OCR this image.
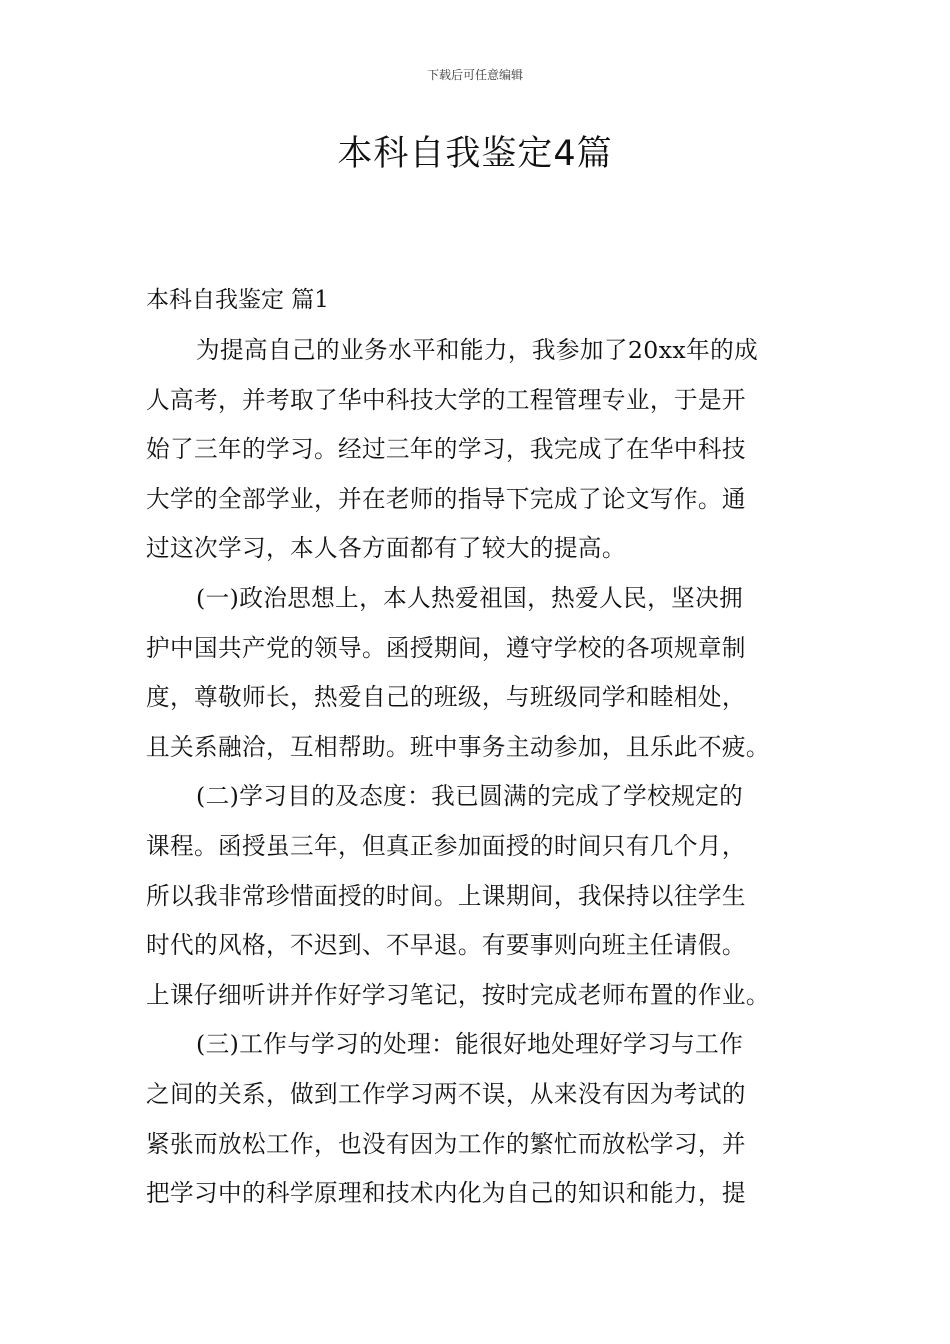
下载后可任意编辑
本科自我鉴定4篇
本科自我鉴定 篇1
为提高自己的业务水平和能力，我参加了20xx年的成
人高考，并考取了华中科技大学的工程管理专业，于是开
始了三年的学习。经过三年的学习，我完成了在华中科技
大学的全部学业，并在老师的指导下完成了论文写作。通
过这次学习，本人各方面都有了较大的提高。
(一)政治思想上，本人热爱祖国，热爱人民，坚决拥
护中国共产党的领导。函授期间，遵守学校的各项规章制
度，尊敬师长，热爱自己的班级，与班级同学和睦相处，
且关系融洽，互相帮助。班中事务主动参加，且乐此不疲。
(二)学习目的及态度：我已圆满的完成了学校规定的
课程。函授虽三年，但真正参加面授的时间只有几个月，
所以我非常珍惜面授的时间。上课期间，我保持以往学生
时代的风格，不迟到、不早退。有要事则向班主任请假。
上课仔细听讲并作好学习笔记，按时完成老师布置的作业。
(三)工作与学习的处理：能很好地处理好学习与工作
之间的关系，做到工作学习两不误，从来没有因为考试的
紧张而放松工作，也没有因为工作的繁忙而放松学习，并
把学习中的科学原理和技术内化为自己的知识和能力，提
